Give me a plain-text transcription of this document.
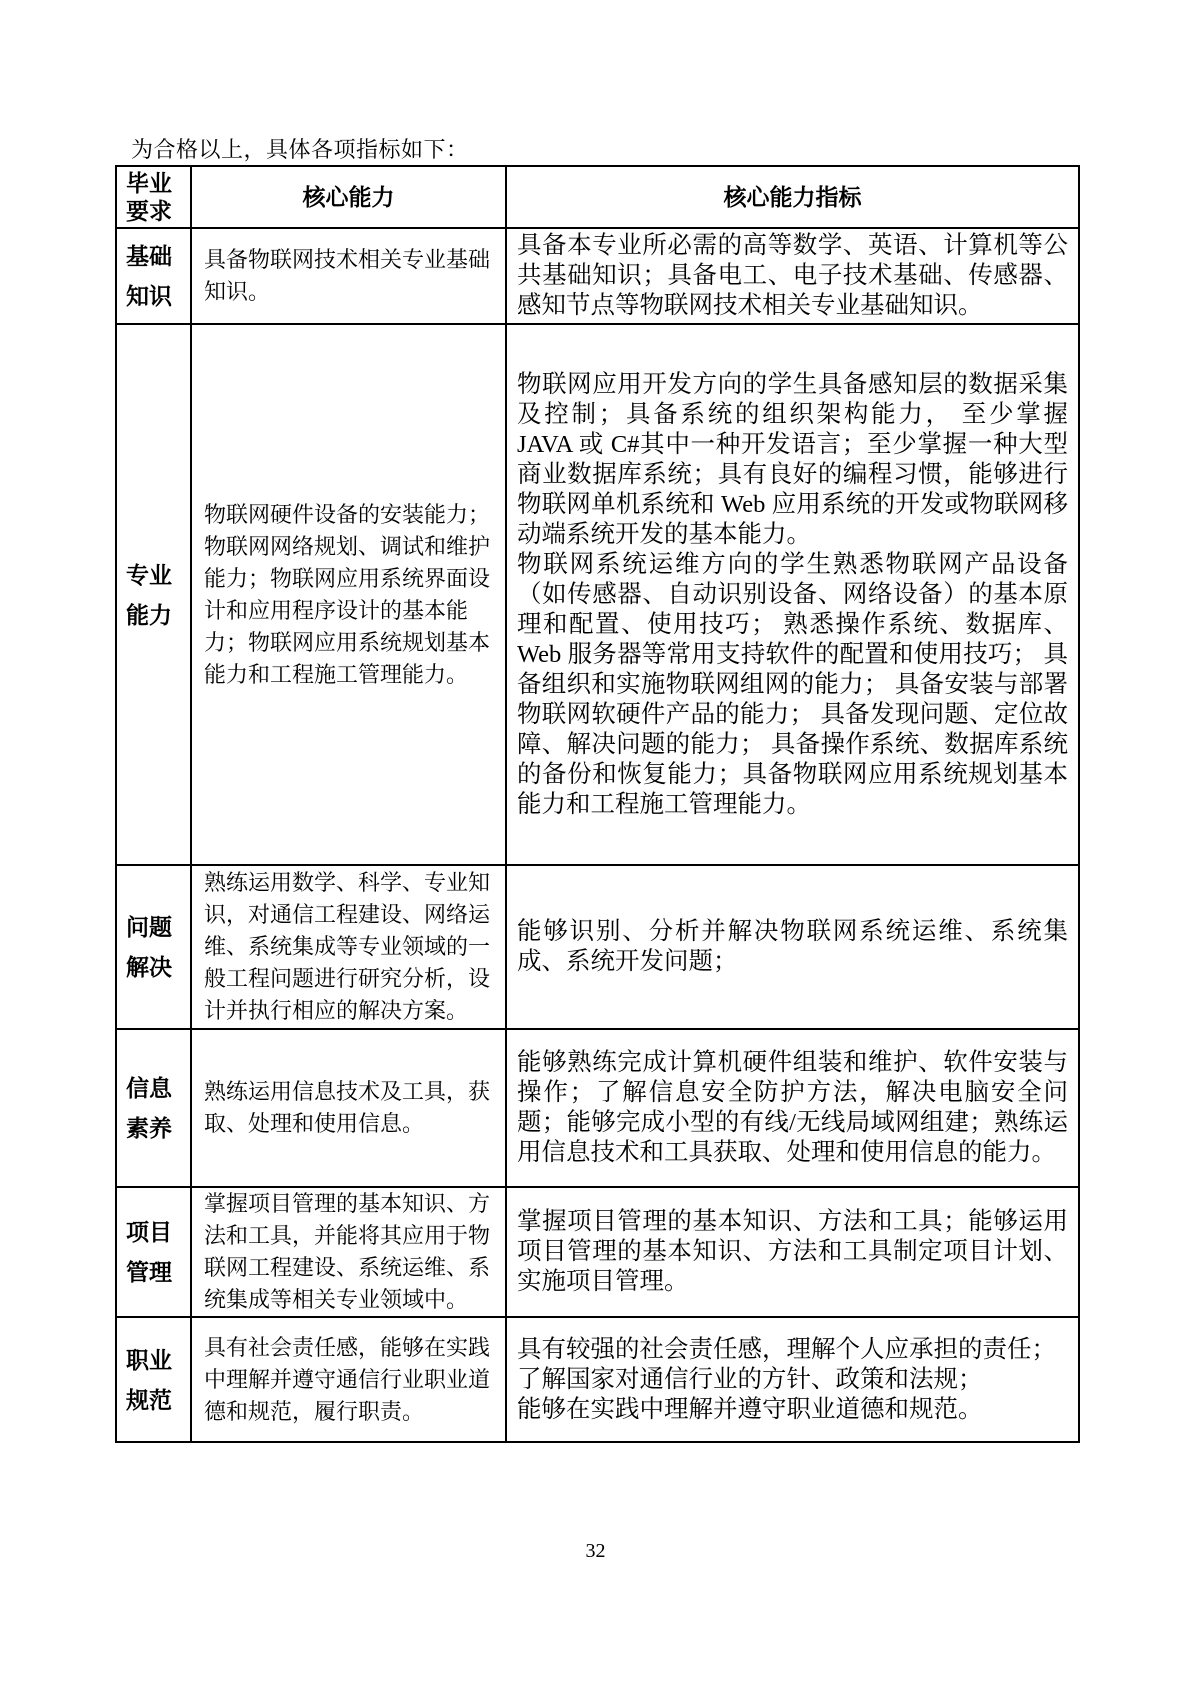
为合格以上，具体各项指标如下：
毕业要求	核心能力	核心能力指标
基础知识	具备物联网技术相关专业基础知识。	具备本专业所必需的高等数学、英语、计算机等公共基础知识；具备电工、电子技术基础、传感器、感知节点等物联网技术相关专业基础知识。

专业能力	物联网硬件设备的安装能力；物联网网络规划、调试和维护能力；物联网应用系统界面设计和应用程序设计的基本能力；物联网应用系统规划基本能力和工程施工管理能力。	物联网应用开发方向的学生具备感知层的数据采集及控制；具备系统的组织架构能力， 至少掌握 JAVA 或 C#其中一种开发语言；至少掌握一种大型商业数据库系统；具有良好的编程习惯，能够进行物联网单机系统和 Web 应用系统的开发或物联网移动端系统开发的基本能力。

物联网系统运维方向的学生熟悉物联网产品设备（如传感器、自动识别设备、网络设备）的基本原理和配置、使用技巧； 熟悉操作系统、数据库、Web 服务器等常用支持软件的配置和使用技巧； 具备组织和实施物联网组网的能力； 具备安装与部署物联网软硬件产品的能力； 具备发现问题、定位故障、解决问题的能力； 具备操作系统、数据库系统的备份和恢复能力；具备物联网应用系统规划基本能力和工程施工管理能力。

问题解决	熟练运用数学、科学、专业知识，对通信工程建设、网络运维、系统集成等专业领域的一般工程问题进行研究分析，设计并执行相应的解决方案。	能够识别、分析并解决物联网系统运维、系统集成、系统开发问题；

信息素养	熟练运用信息技术及工具，获取、处理和使用信息。	能够熟练完成计算机硬件组装和维护、软件安装与操作；了解信息安全防护方法，解决电脑安全问题；能够完成小型的有线/无线局域网组建；熟练运用信息技术和工具获取、处理和使用信息的能力。

项目管理	掌握项目管理的基本知识、方法和工具，并能将其应用于物联网工程建设、系统运维、系统集成等相关专业领域中。	掌握项目管理的基本知识、方法和工具；能够运用项目管理的基本知识、方法和工具制定项目计划、实施项目管理。

职业规范	具有社会责任感，能够在实践中理解并遵守通信行业职业道德和规范，履行职责。	具有较强的社会责任感，理解个人应承担的责任；

了解国家对通信行业的方针、政策和法规；

能够在实践中理解并遵守职业道德和规范。

32
